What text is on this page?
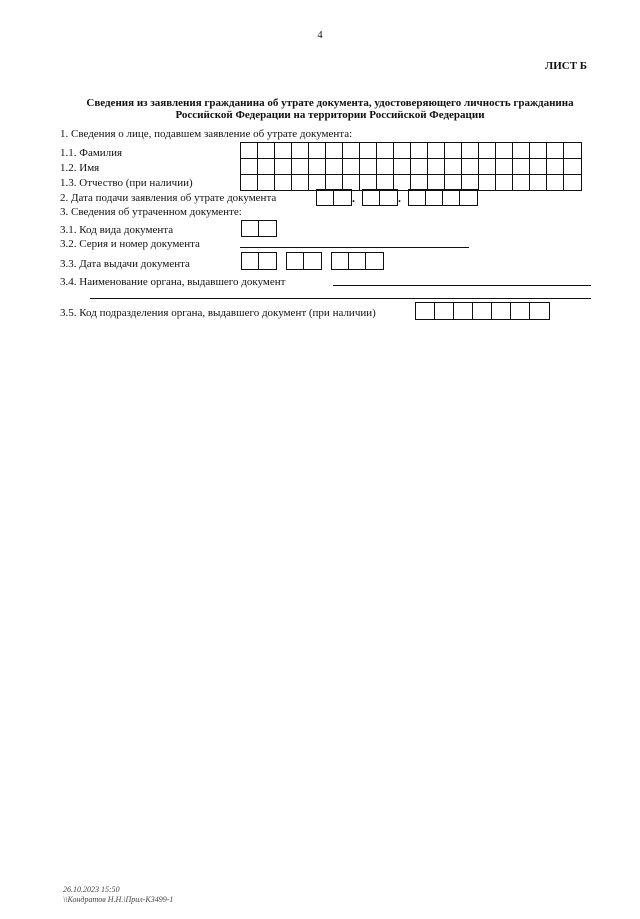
4
ЛИСТ Б
Сведения из заявления гражданина об утрате документа, удостоверяющего личность гражданина
Российской Федерации на территории Российской Федерации
1. Сведения о лице, подавшем заявление об утрате документа:
1.1. Фамилия
1.2. Имя
1.3. Отчество (при наличии)
2. Дата подачи заявления об утрате документа	.	.
3. Сведения об утраченном документе:
3.1. Код вида документа
3.2. Серия и номер документа
3.3. Дата выдачи документа
3.4. Наименование органа, выдавшего документ
3.5. Код подразделения органа, выдавшего документ (при наличии)
26.10.2023 15:50
\\Кондратов Н.Н.\Прил-К3499-1
